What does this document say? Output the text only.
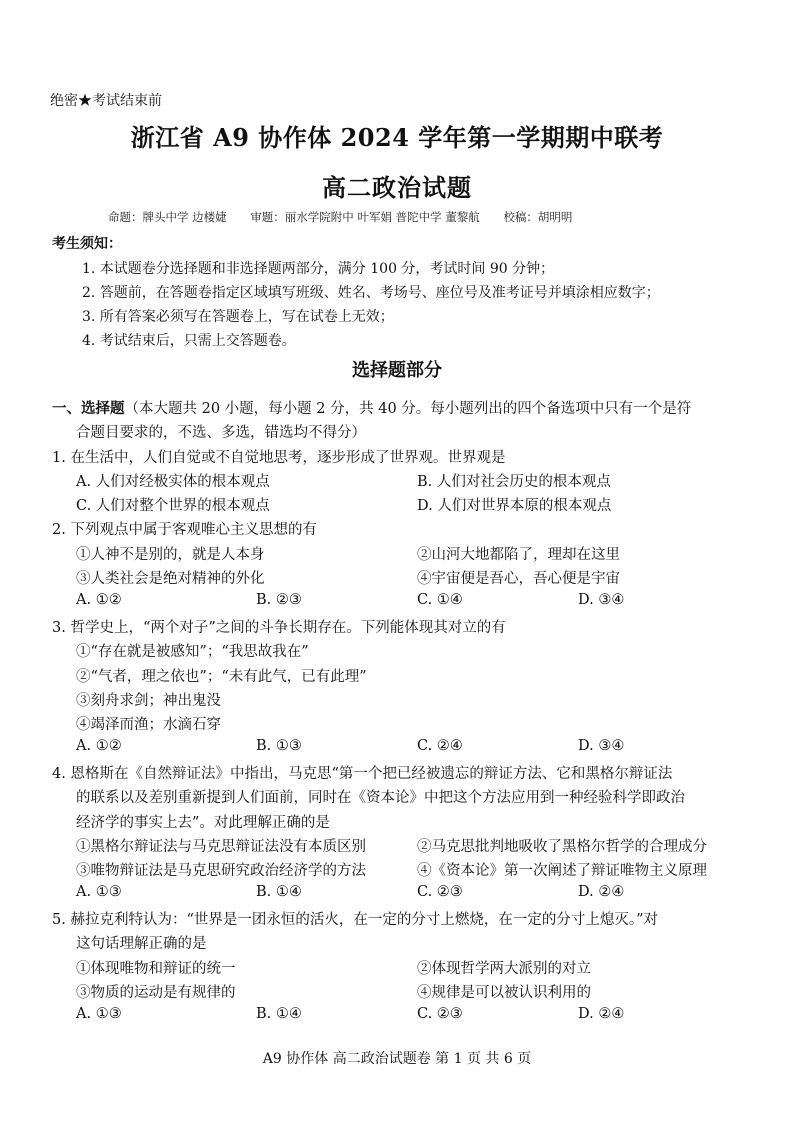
绝密★考试结束前
浙江省 A9 协作体 2024 学年第一学期期中联考
高二政治试题
命题：牌头中学 边楼婕 审题：丽水学院附中 叶军娟 普陀中学 董黎航 校稿：胡明明
考生须知：
1. 本试题卷分选择题和非选择题两部分，满分 100 分，考试时间 90 分钟；
2. 答题前，在答题卷指定区域填写班级、姓名、考场号、座位号及准考证号并填涂相应数字；
3. 所有答案必须写在答题卷上，写在试卷上无效；
4. 考试结束后，只需上交答题卷。
选择题部分
一、选择题（本大题共 20 小题，每小题 2 分，共 40 分。每小题列出的四个备选项中只有一个是符
合题目要求的，不选、多选，错选均不得分）
1. 在生活中，人们自觉或不自觉地思考，逐步形成了世界观。世界观是
A. 人们对经极实体的根本观点	B. 人们对社会历史的根本观点
C. 人们对整个世界的根本观点	D. 人们对世界本原的根本观点
2. 下列观点中属于客观唯心主义思想的有
①人神不是别的，就是人本身	②山河大地都陷了，理却在这里
③人类社会是绝对精神的外化	④宇宙便是吾心，吾心便是宇宙
A. ①②	B. ②③	C. ①④	D. ③④
3. 哲学史上，“两个对子”之间的斗争长期存在。下列能体现其对立的有
①“存在就是被感知”；“我思故我在”
②“气者，理之依也”；“未有此气，已有此理”
③刻舟求剑；神出鬼没
④竭泽而渔；水滴石穿
A. ①②	B. ①③	C. ②④	D. ③④
4. 恩格斯在《自然辩证法》中指出，马克思“第一个把已经被遗忘的辩证方法、它和黑格尔辩证法
的联系以及差别重新提到人们面前，同时在《资本论》中把这个方法应用到一种经验科学即政治
经济学的事实上去”。对此理解正确的是
①黑格尔辩证法与马克思辩证法没有本质区别	②马克思批判地吸收了黑格尔哲学的合理成分
③唯物辩证法是马克思研究政治经济学的方法	④《资本论》第一次阐述了辩证唯物主义原理
A. ①③	B. ①④	C. ②③	D. ②④
5. 赫拉克利特认为：“世界是一团永恒的活火，在一定的分寸上燃烧，在一定的分寸上熄灭。”对
这句话理解正确的是
①体现唯物和辩证的统一	②体现哲学两大派别的对立
③物质的运动是有规律的	④规律是可以被认识利用的
A. ①③	B. ①④	C. ②③	D. ②④
A9 协作体 高二政治试题卷 第 1 页 共 6 页
